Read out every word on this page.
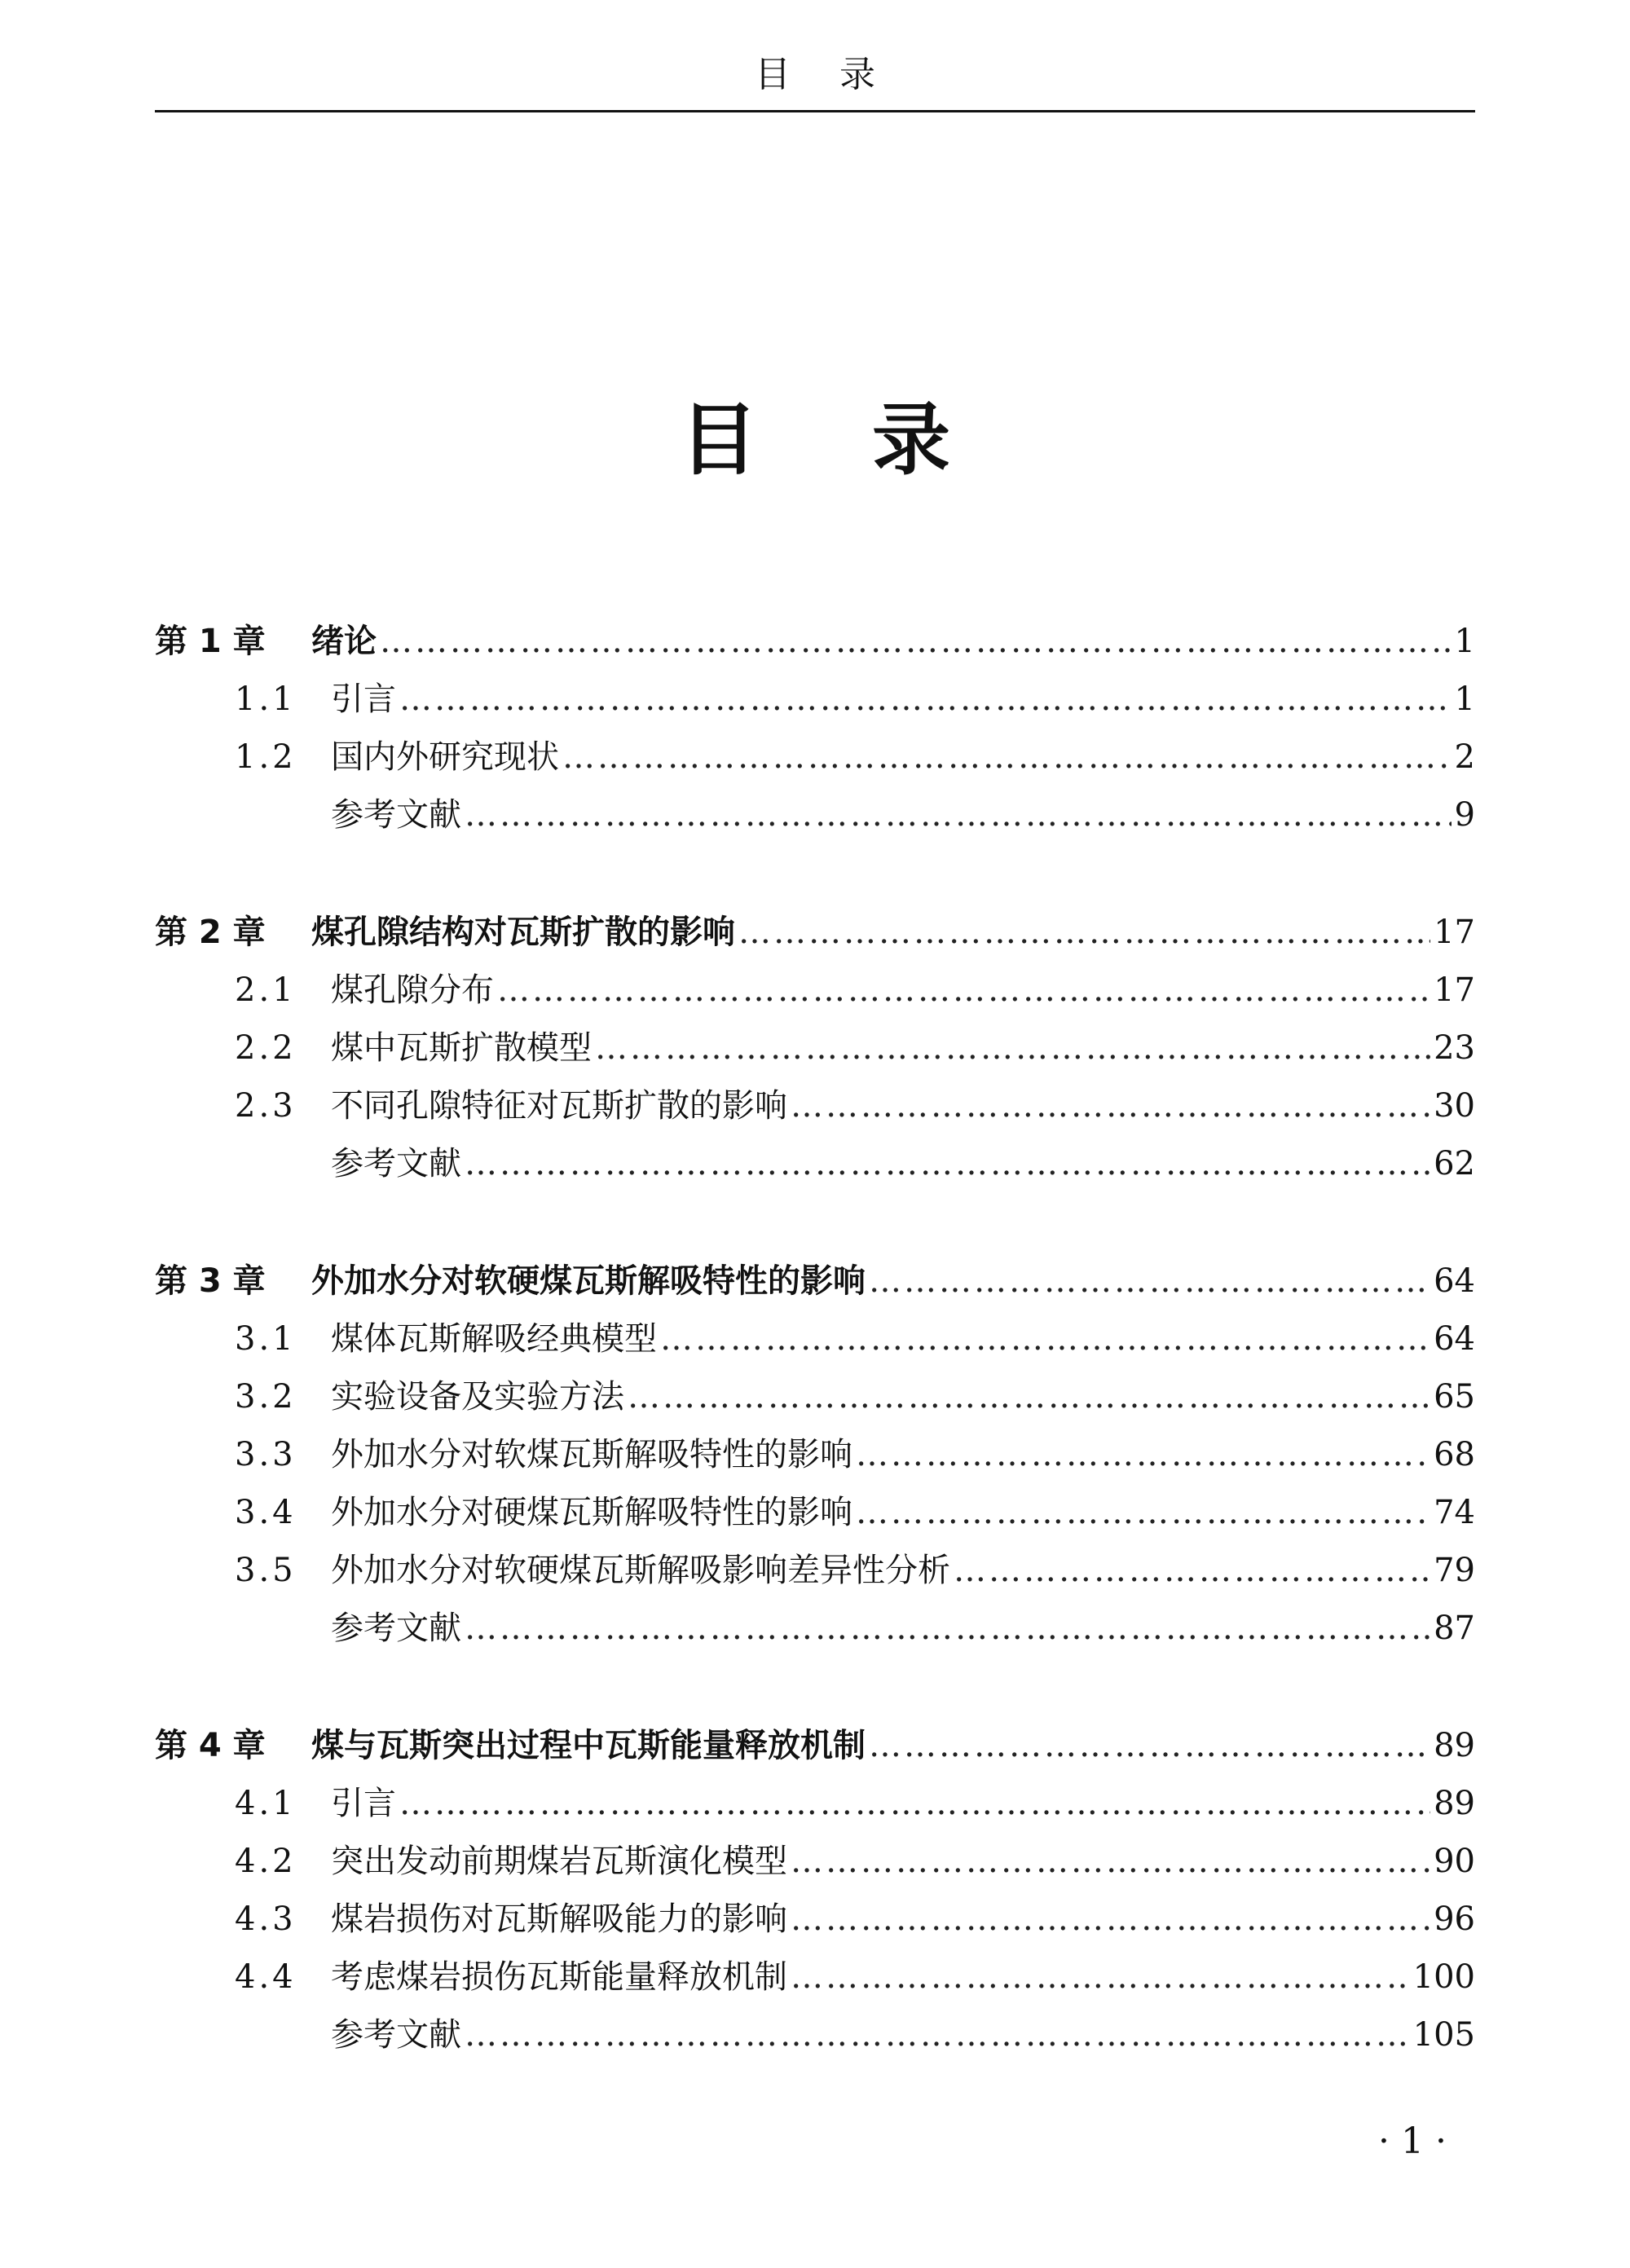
目录
目录
第 1 章	绪论 …………………………………………………………………………………………………………………………………………………………………………………………………………………………………………………………………………	1
1.1	引言 …………………………………………………………………………………………………………………………………………………………………………………………………………………………………………………………………………	1
1.2	国内外研究现状 …………………………………………………………………………………………………………………………………………………………………………………………………………………………………………………………………………	2
参考文献 …………………………………………………………………………………………………………………………………………………………………………………………………………………………………………………………………………	9
第 2 章	煤孔隙结构对瓦斯扩散的影响 …………………………………………………………………………………………………………………………………………………………………………………………………………………………………………………………………………	17
2.1	煤孔隙分布 …………………………………………………………………………………………………………………………………………………………………………………………………………………………………………………………………………	17
2.2	煤中瓦斯扩散模型 …………………………………………………………………………………………………………………………………………………………………………………………………………………………………………………………………………	23
2.3	不同孔隙特征对瓦斯扩散的影响 …………………………………………………………………………………………………………………………………………………………………………………………………………………………………………………………………………	30
参考文献 …………………………………………………………………………………………………………………………………………………………………………………………………………………………………………………………………………	62
第 3 章	外加水分对软硬煤瓦斯解吸特性的影响 …………………………………………………………………………………………………………………………………………………………………………………………………………………………………………………………………………	64
3.1	煤体瓦斯解吸经典模型 …………………………………………………………………………………………………………………………………………………………………………………………………………………………………………………………………………	64
3.2	实验设备及实验方法 …………………………………………………………………………………………………………………………………………………………………………………………………………………………………………………………………………	65
3.3	外加水分对软煤瓦斯解吸特性的影响 …………………………………………………………………………………………………………………………………………………………………………………………………………………………………………………………………………	68
3.4	外加水分对硬煤瓦斯解吸特性的影响 …………………………………………………………………………………………………………………………………………………………………………………………………………………………………………………………………………	74
3.5	外加水分对软硬煤瓦斯解吸影响差异性分析 …………………………………………………………………………………………………………………………………………………………………………………………………………………………………………………………………………	79
参考文献 …………………………………………………………………………………………………………………………………………………………………………………………………………………………………………………………………………	87
第 4 章	煤与瓦斯突出过程中瓦斯能量释放机制 …………………………………………………………………………………………………………………………………………………………………………………………………………………………………………………………………………	89
4.1	引言 …………………………………………………………………………………………………………………………………………………………………………………………………………………………………………………………………………	89
4.2	突出发动前期煤岩瓦斯演化模型 …………………………………………………………………………………………………………………………………………………………………………………………………………………………………………………………………………	90
4.3	煤岩损伤对瓦斯解吸能力的影响 …………………………………………………………………………………………………………………………………………………………………………………………………………………………………………………………………………	96
4.4	考虑煤岩损伤瓦斯能量释放机制 …………………………………………………………………………………………………………………………………………………………………………………………………………………………………………………………………………	100
参考文献 …………………………………………………………………………………………………………………………………………………………………………………………………………………………………………………………………………	105
· 1 ·
